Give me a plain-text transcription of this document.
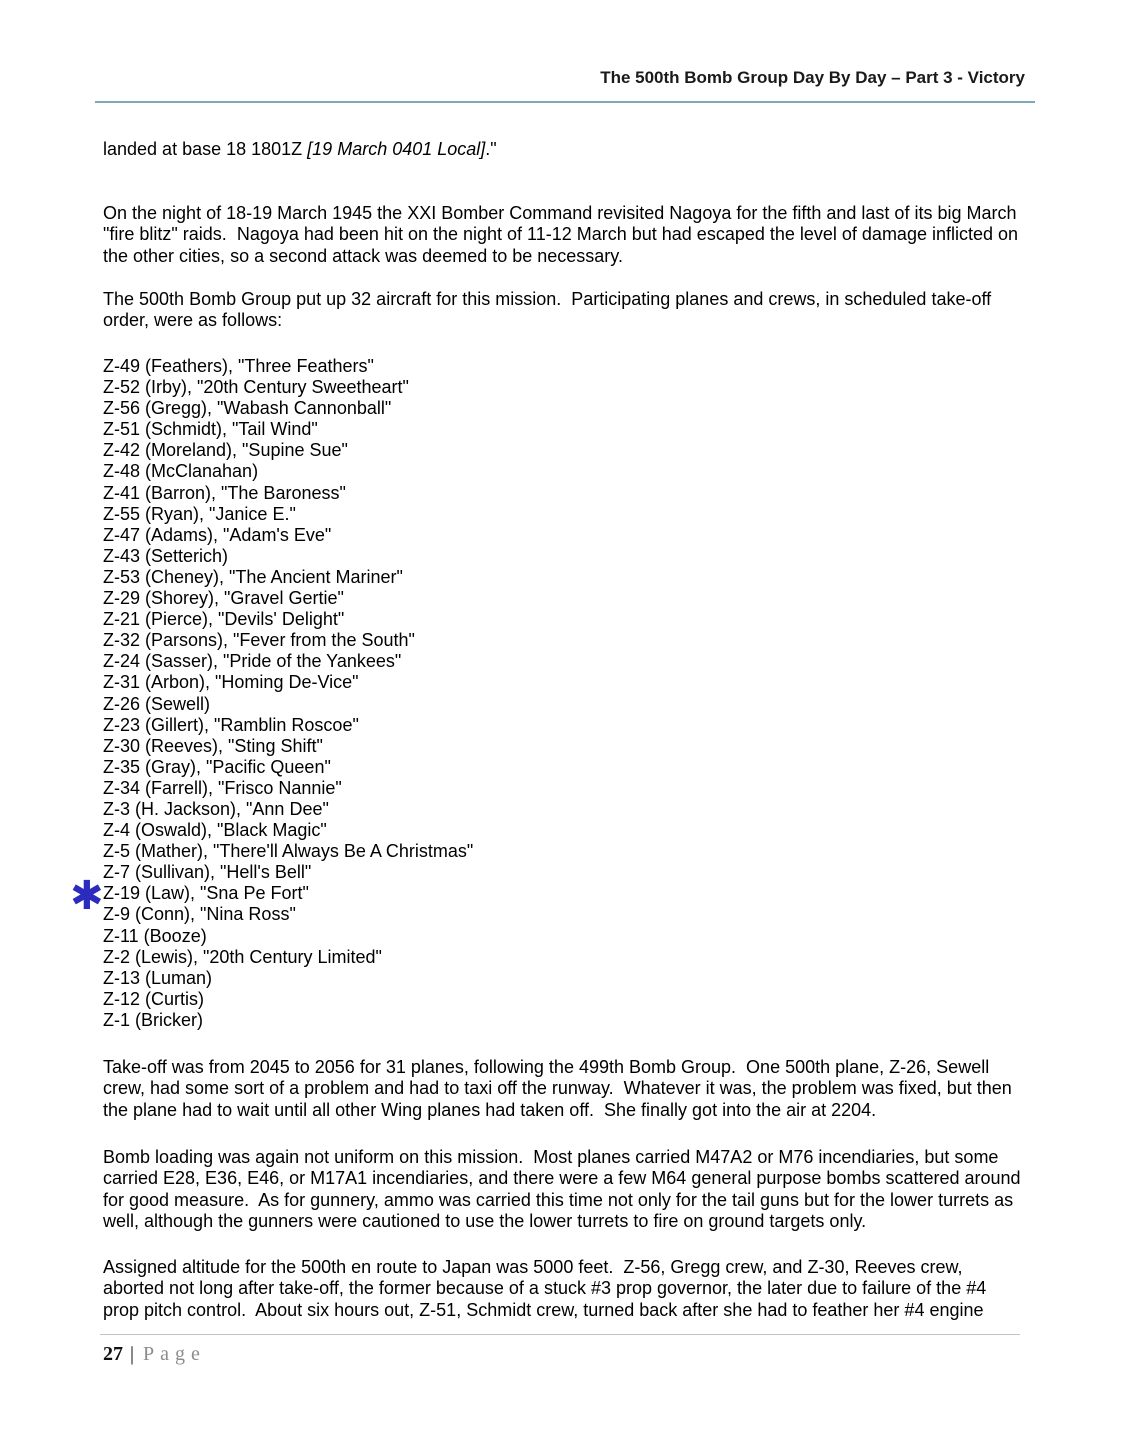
The 500th Bomb Group Day By Day – Part 3 - Victory

landed at base 18 1801Z [19 March 0401 Local]."

On the night of 18-19 March 1945 the XXI Bomber Command revisited Nagoya for the fifth and last of its big March "fire blitz" raids.  Nagoya had been hit on the night of 11-12 March but had escaped the level of damage inflicted on the other cities, so a second attack was deemed to be necessary.

The 500th Bomb Group put up 32 aircraft for this mission.  Participating planes and crews, in scheduled take-off order, were as follows:

Z-49 (Feathers), "Three Feathers"
Z-52 (Irby), "20th Century Sweetheart"
Z-56 (Gregg), "Wabash Cannonball"
Z-51 (Schmidt), "Tail Wind"
Z-42 (Moreland), "Supine Sue"
Z-48 (McClanahan)
Z-41 (Barron), "The Baroness"
Z-55 (Ryan), "Janice E."
Z-47 (Adams), "Adam's Eve"
Z-43 (Setterich)
Z-53 (Cheney), "The Ancient Mariner"
Z-29 (Shorey), "Gravel Gertie"
Z-21 (Pierce), "Devils' Delight"
Z-32 (Parsons), "Fever from the South"
Z-24 (Sasser), "Pride of the Yankees"
Z-31 (Arbon), "Homing De-Vice"
Z-26 (Sewell)
Z-23 (Gillert), "Ramblin Roscoe"
Z-30 (Reeves), "Sting Shift"
Z-35 (Gray), "Pacific Queen"
Z-34 (Farrell), "Frisco Nannie"
Z-3 (H. Jackson), "Ann Dee"
Z-4 (Oswald), "Black Magic"
Z-5 (Mather), "There'll Always Be A Christmas"
Z-7 (Sullivan), "Hell's Bell"
✱ Z-19 (Law), "Sna Pe Fort"
Z-9 (Conn), "Nina Ross"
Z-11 (Booze)
Z-2 (Lewis), "20th Century Limited"
Z-13 (Luman)
Z-12 (Curtis)
Z-1 (Bricker)

Take-off was from 2045 to 2056 for 31 planes, following the 499th Bomb Group.  One 500th plane, Z-26, Sewell crew, had some sort of a problem and had to taxi off the runway.  Whatever it was, the problem was fixed, but then the plane had to wait until all other Wing planes had taken off.  She finally got into the air at 2204.

Bomb loading was again not uniform on this mission.  Most planes carried M47A2 or M76 incendiaries, but some carried E28, E36, E46, or M17A1 incendiaries, and there were a few M64 general purpose bombs scattered around for good measure.  As for gunnery, ammo was carried this time not only for the tail guns but for the lower turrets as well, although the gunners were cautioned to use the lower turrets to fire on ground targets only.

Assigned altitude for the 500th en route to Japan was 5000 feet.  Z-56, Gregg crew, and Z-30, Reeves crew, aborted not long after take-off, the former because of a stuck #3 prop governor, the later due to failure of the #4 prop pitch control.  About six hours out, Z-51, Schmidt crew, turned back after she had to feather her #4 engine

27 | Page
